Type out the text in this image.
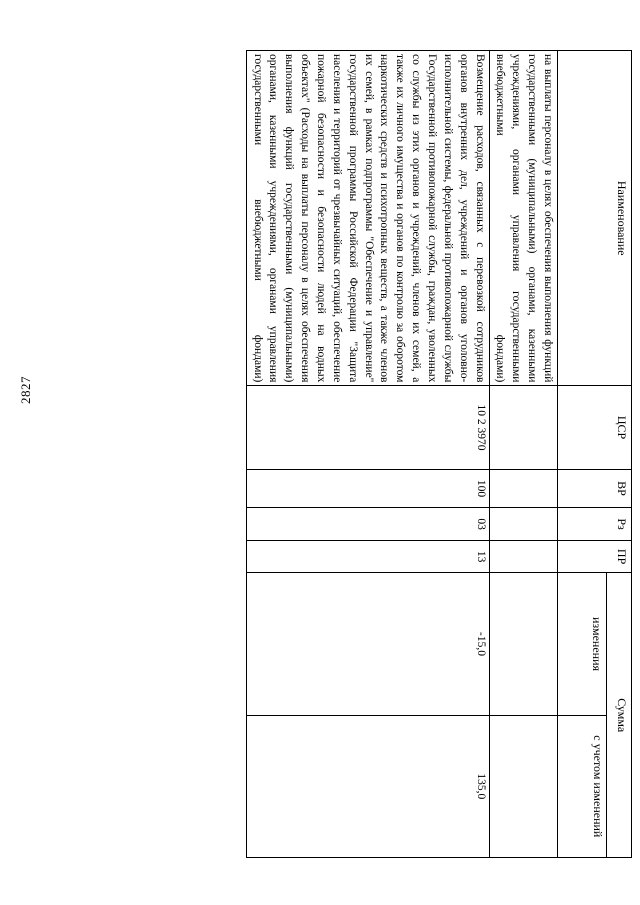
2827
Наименование	ЦСР	ВР	Рз	ПР	Сумма	
					изменения	с учетом изменений
на выплаты персоналу в целях обеспечения выполнения функций государственными (муниципальными) органами, казенными учреждениями, органами управления государственными внебюджетными фондами)						
Возмещение расходов, связанных с перевозкой сотрудников органов внутренних дел, учреждений и органов уголовно-исполнительной системы, федеральной противопожарной службы Государственной противопожарной службы, граждан, уволенных со службы из этих органов и учреждений, членов их семей, а также их личного имущества и органов по контролю за оборотом наркотических средств и психотропных веществ, а также членов их семей, в рамках подпрограммы "Обеспечение и управление" государственной программы Российской Федерации "Защита населения и территорий от чрезвычайных ситуаций, обеспечение пожарной безопасности и безопасности людей на водных объектах" (Расходы на выплаты персоналу в целях обеспечения выполнения функций государственными (муниципальными) органами, казенными учреждениями, органами управления государственными внебюджетными фондами)	10 2 3970	100	03	13	-15,0	135,0
